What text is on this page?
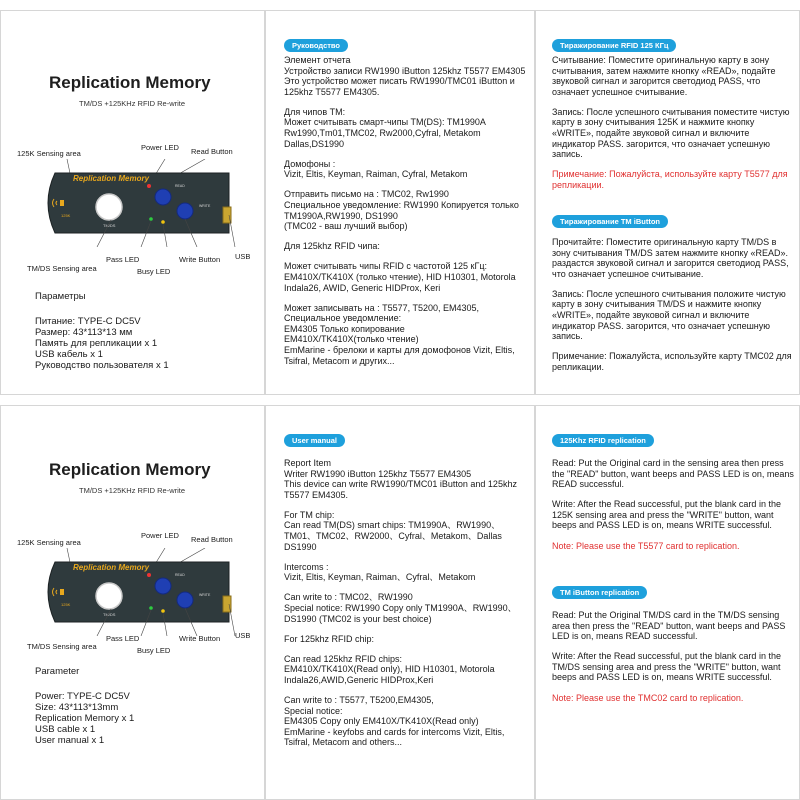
Replication Memory
TM/DS +125KHz RFID Re-write
125K Sensing area
Power LED Read Button
Replication Memory
125K
TM/DS
READ
WRITE
Pass LED	Write Button USB
TM/DS Sensing area	Busy LED
Параметры
Питание: TYPE-C DC5V
Размер: 43*113*13 мм
Память для репликации x 1
USB кабель x 1
Руководство пользователя x 1
Руководство

Элемент отчета
Устройство записи RW1990 iButton 125khz T5577 EM4305
Это устройство может писать RW1990/TMC01 iButton и 125khz T5577 EM4305.

Для чипов TM:
Может считывать смарт-чипы TM(DS): TM1990A Rw1990,Tm01,TMC02, Rw2000,Cyfral, Metakom Dallas,DS1990

Домофоны :
Vizit, Eltis, Keyman, Raiman, Cyfral, Metakom

Отправить письмо на : TMC02, Rw1990
Специальное уведомление: RW1990 Копируется только TM1990A,RW1990, DS1990
(TMC02 - ваш лучший выбор)

Для 125khz RFID чипа:

Может считывать чипы RFID с частотой 125 кГц: EM410X/TK410X (только чтение), HID H10301, Motorola Indala26, AWID, Generic HIDProx, Keri

Может записывать на : T5577, T5200, EM4305,
Специальное уведомление:
EM4305 Только копирование
EM410X/TK410X(только чтение)
EmMarine - брелоки и карты для домофонов Vizit, Eltis, Tsifral, Metacom и других...

Тиражирование RFID 125 КГц

Считывание: Поместите оригинальную карту в зону считывания, затем нажмите кнопку «READ», подайте звуковой сигнал и загорится светодиод PASS, что означает успешное считывание.

Запись: После успешного считывания поместите чистую карту в зону считывания 125K и нажмите кнопку «WRITE», подайте звуковой сигнал и включите индикатор PASS. загорится, что означает успешную запись.

Примечание: Пожалуйста, используйте карту T5577 для репликации.

Тиражирование TM iButton

Прочитайте: Поместите оригинальную карту TM/DS в зону считывания TM/DS затем нажмите кнопку «READ». раздастся звуковой сигнал и загорится светодиод PASS, что означает успешное считывание.

Запись: После успешного считывания положите чистую карту в зону считывания TM/DS и нажмите кнопку «WRITE», подайте звуковой сигнал и включите индикатор PASS. загорится, что означает успешную запись.

Примечание: Пожалуйста, используйте карту TMC02 для репликации.

Replication Memory
TM/DS +125KHz RFID Re-write
125K Sensing area
Power LED Read Button
Replication Memory
125K
TM/DS
READ
WRITE
Pass LED	Write Button USB
TM/DS Sensing area	Busy LED
Parameter
Power: TYPE-C DC5V
Size: 43*113*13mm
Replication Memory x 1
USB cable x 1
User manual x 1
User manual

Report Item
Writer RW1990 iButton 125khz T5577 EM4305
This device can write RW1990/TMC01 iButton and 125khz T5577 EM4305.

For TM chip:
Can read TM(DS) smart chips: TM1990A、RW1990、TM01、TMC02、RW2000、Cyfral、Metakom、Dallas DS1990

Intercoms :
Vizit, Eltis, Keyman, Raiman、Cyfral、Metakom

Can write to : TMC02、RW1990
Special notice: RW1990 Copy only TM1990A、RW1990、DS1990 (TMC02 is your best choice)

For 125khz RFID chip:

Can read 125khz RFID chips:
EM410X/TK410X(Read only), HID H10301, Motorola Indala26,AWID,Generic HIDProx,Keri

Can write to : T5577, T5200,EM4305,
Special notice:
EM4305 Copy only EM410X/TK410X(Read only)
EmMarine - keyfobs and cards for intercoms Vizit, Eltis, Tsifral, Metacom and others...

125Khz RFID replication

Read: Put the Original card in the sensing area then press the "READ" button, want beeps and PASS LED is on, means READ successful.

Write: After the Read successful, put the blank card in the 125K sensing area and press the "WRITE" button, want beeps and PASS LED is on, means WRITE successful.

Note: Please use the T5577 card to replication.

TM iButton replication

Read: Put the Original TM/DS card in the TM/DS sensing area then press the "READ" button, want beeps and PASS LED is on, means READ successful.

Write: After the Read successful, put the blank card in the TM/DS sensing area and press the "WRITE" button, want beeps and PASS LED is on, means WRITE successful.

Note: Please use the TMC02 card to replication.
